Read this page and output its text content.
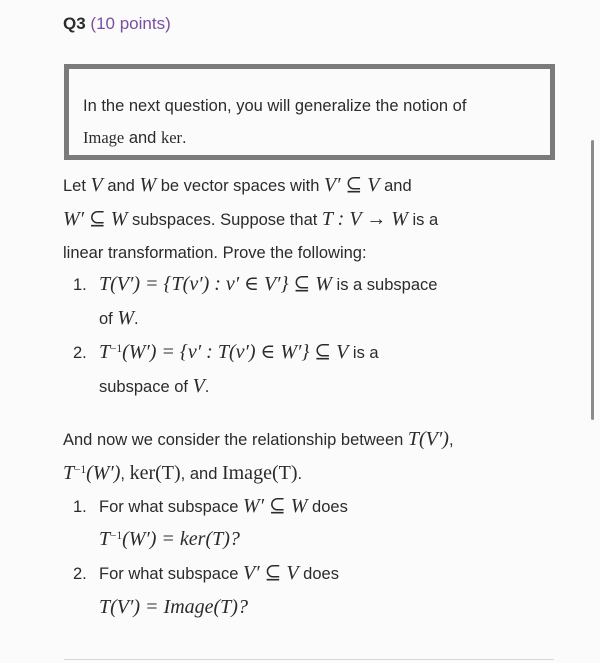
Q3 (10 points)
In the next question, you will generalize the notion of
Image and ker.
Let V and W be vector spaces with V′ ⊆ V and
W′ ⊆ W subspaces. Suppose that T : V → W is a
linear transformation. Prove the following:
1. T(V′) = {T(v′) : v′ ∈ V′} ⊆ W is a subspace
of W.
2. $T^{-1}(W') = \{v'$ : T(v′) ∈ W′} ⊆ V is a
subspace of V.
And now we consider the relationship between T(V′),
$T^{-1}(W')$, ker(T), and Image(T).
1. For what subspace W′ ⊆ W does
$T^{-1}(W') = ker(T)$?
2. For what subspace V′ ⊆ V does
T(V′) = Image(T)?
